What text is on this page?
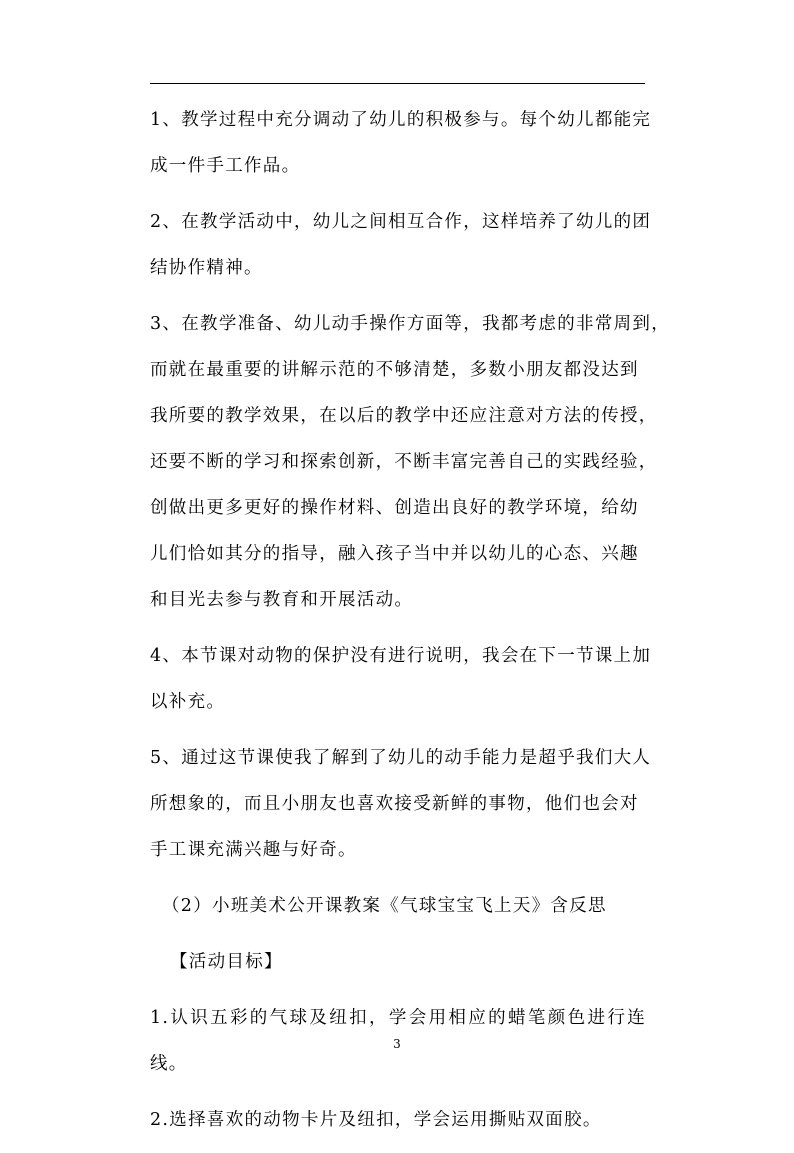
1、教学过程中充分调动了幼儿的积极参与。每个幼儿都能完
成一件手工作品。

2、在教学活动中，幼儿之间相互合作，这样培养了幼儿的团
结协作精神。

3、在教学准备、幼儿动手操作方面等，我都考虑的非常周到，
而就在最重要的讲解示范的不够清楚，多数小朋友都没达到
我所要的教学效果，在以后的教学中还应注意对方法的传授，
还要不断的学习和探索创新，不断丰富完善自己的实践经验，
创做出更多更好的操作材料、创造出良好的教学环境，给幼
儿们恰如其分的指导，融入孩子当中并以幼儿的心态、兴趣
和目光去参与教育和开展活动。

4、本节课对动物的保护没有进行说明，我会在下一节课上加
以补充。

5、通过这节课使我了解到了幼儿的动手能力是超乎我们大人
所想象的，而且小朋友也喜欢接受新鲜的事物，他们也会对
手工课充满兴趣与好奇。

（2）小班美术公开课教案《气球宝宝飞上天》含反思

【活动目标】

1.认识五彩的气球及纽扣，学会用相应的蜡笔颜色进行连线。

2.选择喜欢的动物卡片及纽扣，学会运用撕贴双面胶。

3
